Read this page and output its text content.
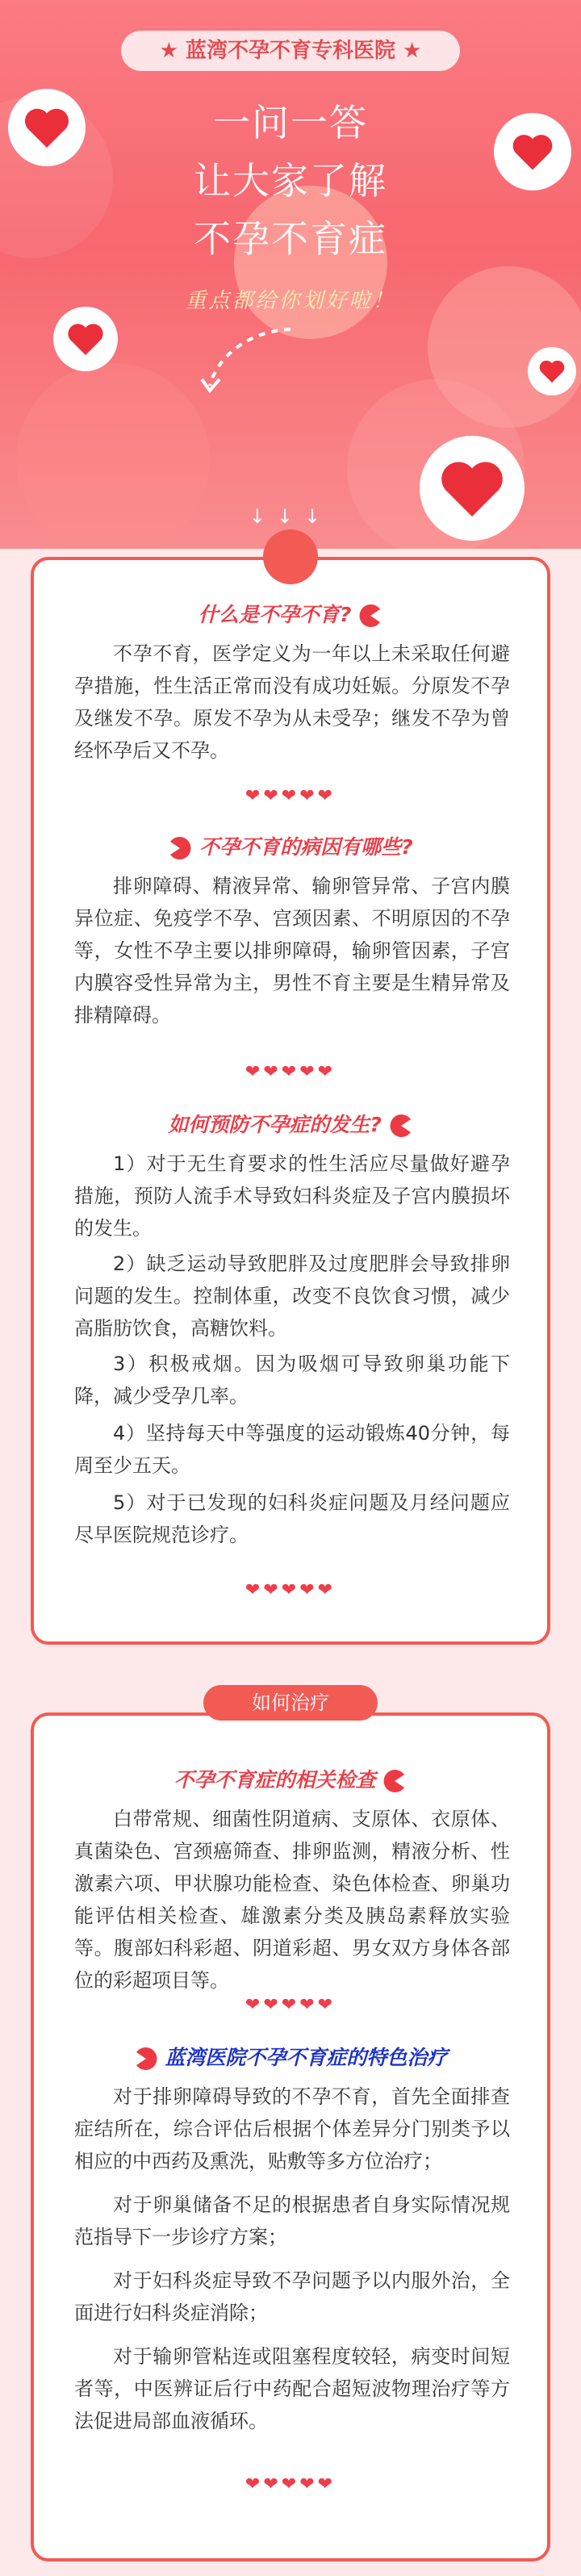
★ 蓝湾不孕不育专科医院 ★
一问一答
让大家了解
不孕不育症
重点都给你划好啦！
↓↓↓
什么是不孕不育?
不孕不育，医学定义为一年以上未采取任何避孕措施，性生活正常而没有成功妊娠。分原发不孕及继发不孕。原发不孕为从未受孕；继发不孕为曾经怀孕后又不孕。
❤❤❤❤❤
不孕不育的病因有哪些?
排卵障碍、精液异常、输卵管异常、子宫内膜异位症、免疫学不孕、宫颈因素、不明原因的不孕等，女性不孕主要以排卵障碍，输卵管因素，子宫内膜容受性异常为主，男性不育主要是生精异常及排精障碍。
❤❤❤❤❤
如何预防不孕症的发生?
1）对于无生育要求的性生活应尽量做好避孕措施，预防人流手术导致妇科炎症及子宫内膜损坏的发生。
2）缺乏运动导致肥胖及过度肥胖会导致排卵问题的发生。控制体重，改变不良饮食习惯，减少高脂肪饮食，高糖饮料。
3）积极戒烟。因为吸烟可导致卵巢功能下降，减少受孕几率。
4）坚持每天中等强度的运动锻炼40分钟，每周至少五天。
5）对于已发现的妇科炎症问题及月经问题应尽早医院规范诊疗。
❤❤❤❤❤
如何治疗
不孕不育症的相关检查
白带常规、细菌性阴道病、支原体、衣原体、真菌染色、宫颈癌筛查、排卵监测，精液分析、性激素六项、甲状腺功能检查、染色体检查、卵巢功能评估相关检查、雄激素分类及胰岛素释放实验等。腹部妇科彩超、阴道彩超、男女双方身体各部位的彩超项目等。
❤❤❤❤❤
蓝湾医院不孕不育症的特色治疗
对于排卵障碍导致的不孕不育，首先全面排查症结所在，综合评估后根据个体差异分门别类予以相应的中西药及熏洗，贴敷等多方位治疗；
对于卵巢储备不足的根据患者自身实际情况规范指导下一步诊疗方案；
对于妇科炎症导致不孕问题予以内服外治，全面进行妇科炎症消除；
对于输卵管粘连或阻塞程度较轻，病变时间短者等，中医辨证后行中药配合超短波物理治疗等方法促进局部血液循环。
❤❤❤❤❤
